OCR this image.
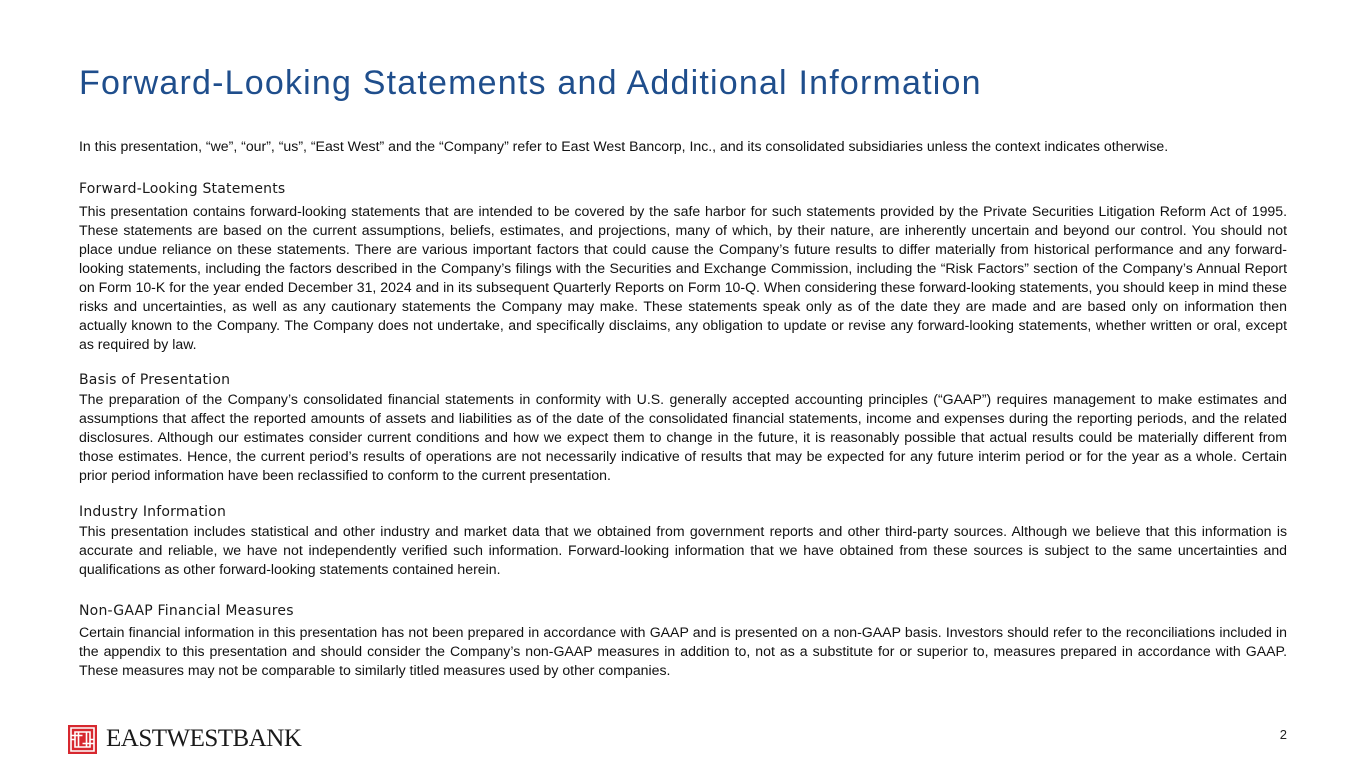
Forward-Looking Statements and Additional Information

In this presentation, “we”, “our”, “us”, “East West” and the “Company” refer to East West Bancorp, Inc., and its consolidated subsidiaries unless the context indicates otherwise.

Forward-Looking Statements

This presentation contains forward-looking statements that are intended to be covered by the safe harbor for such statements provided by the Private Securities Litigation Reform Act of 1995. These statements are based on the current assumptions, beliefs, estimates, and projections, many of which, by their nature, are inherently uncertain and beyond our control. You should not place undue reliance on these statements. There are various important factors that could cause the Company’s future results to differ materially from historical performance and any forward-looking statements, including the factors described in the Company’s filings with the Securities and Exchange Commission, including the “Risk Factors” section of the Company’s Annual Report on Form 10-K for the year ended December 31, 2024 and in its subsequent Quarterly Reports on Form 10-Q. When considering these forward-looking statements, you should keep in mind these risks and uncertainties, as well as any cautionary statements the Company may make. These statements speak only as of the date they are made and are based only on information then actually known to the Company. The Company does not undertake, and specifically disclaims, any obligation to update or revise any forward-looking statements, whether written or oral, except as required by law.

Basis of Presentation

The preparation of the Company’s consolidated financial statements in conformity with U.S. generally accepted accounting principles (“GAAP”) requires management to make estimates and assumptions that affect the reported amounts of assets and liabilities as of the date of the consolidated financial statements, income and expenses during the reporting periods, and the related disclosures. Although our estimates consider current conditions and how we expect them to change in the future, it is reasonably possible that actual results could be materially different from those estimates. Hence, the current period’s results of operations are not necessarily indicative of results that may be expected for any future interim period or for the year as a whole. Certain prior period information have been reclassified to conform to the current presentation.

Industry Information

This presentation includes statistical and other industry and market data that we obtained from government reports and other third-party sources. Although we believe that this information is accurate and reliable, we have not independently verified such information. Forward-looking information that we have obtained from these sources is subject to the same uncertainties and qualifications as other forward-looking statements contained herein.

Non-GAAP Financial Measures

Certain financial information in this presentation has not been prepared in accordance with GAAP and is presented on a non-GAAP basis. Investors should refer to the reconciliations included in the appendix to this presentation and should consider the Company’s non-GAAP measures in addition to, not as a substitute for or superior to, measures prepared in accordance with GAAP. These measures may not be comparable to similarly titled measures used by other companies.

EASTWESTBANK	2
